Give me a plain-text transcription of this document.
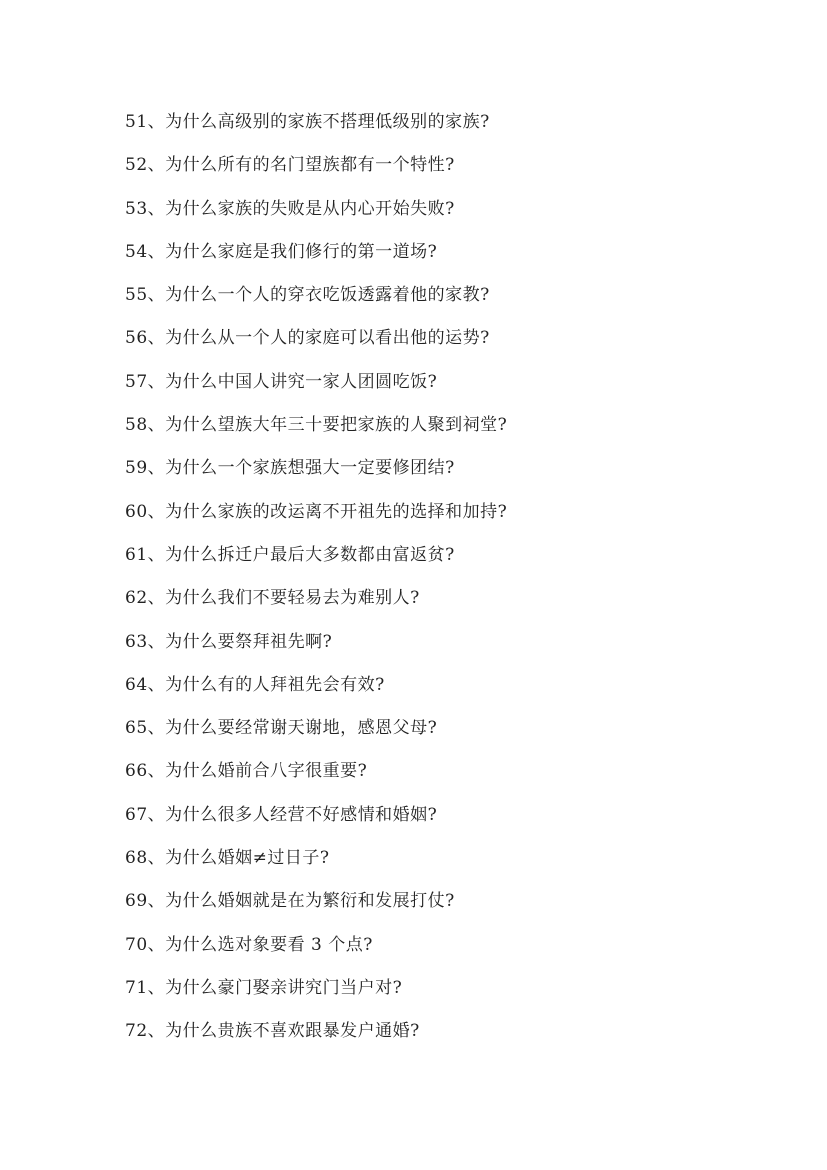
51、为什么高级别的家族不搭理低级别的家族?
52、为什么所有的名门望族都有一个特性?
53、为什么家族的失败是从内心开始失败?
54、为什么家庭是我们修行的第一道场?
55、为什么一个人的穿衣吃饭透露着他的家教?
56、为什么从一个人的家庭可以看出他的运势?
57、为什么中国人讲究一家人团圆吃饭?
58、为什么望族大年三十要把家族的人聚到祠堂?
59、为什么一个家族想强大一定要修团结?
60、为什么家族的改运离不开祖先的选择和加持?
61、为什么拆迁户最后大多数都由富返贫?
62、为什么我们不要轻易去为难别人?
63、为什么要祭拜祖先啊?
64、为什么有的人拜祖先会有效?
65、为什么要经常谢天谢地，感恩父母?
66、为什么婚前合八字很重要?
67、为什么很多人经营不好感情和婚姻?
68、为什么婚姻≠过日子?
69、为什么婚姻就是在为繁衍和发展打仗?
70、为什么选对象要看 3 个点?
71、为什么豪门娶亲讲究门当户对?
72、为什么贵族不喜欢跟暴发户通婚?
